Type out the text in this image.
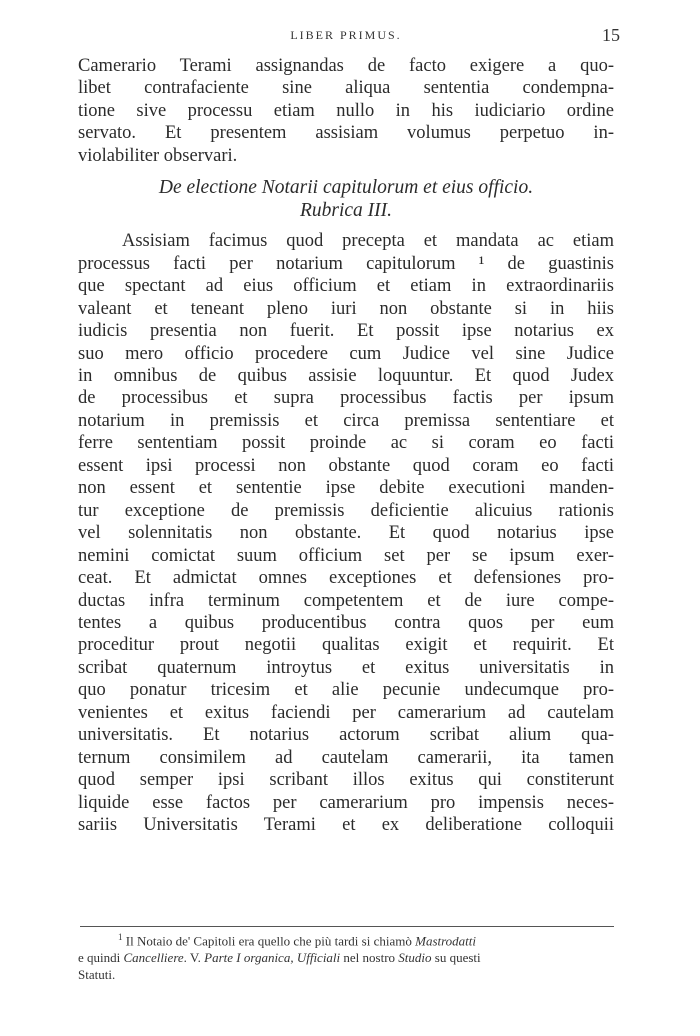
LIBER PRIMUS.	15
Camerario Terami assignandas de facto exigere a quo-
libet contrafaciente sine aliqua sententia condempna-
tione sive processu etiam nullo in his iudiciario ordine
servato. Et presentem assisiam volumus perpetuo in-
violabiliter observari.
De electione Notarii capitulorum et eius officio.
Rubrica III.
Assisiam facimus quod precepta et mandata ac etiam
processus facti per notarium capitulorum ¹ de guastinis
que spectant ad eius officium et etiam in extraordinariis
valeant et teneant pleno iuri non obstante si in hiis
iudicis presentia non fuerit. Et possit ipse notarius ex
suo mero officio procedere cum Judice vel sine Judice
in omnibus de quibus assisie loquuntur. Et quod Judex
de processibus et supra processibus factis per ipsum
notarium in premissis et circa premissa sententiare et
ferre sententiam possit proinde ac si coram eo facti
essent ipsi processi non obstante quod coram eo facti
non essent et sententie ipse debite executioni manden-
tur exceptione de premissis deficientie alicuius rationis
vel solennitatis non obstante. Et quod notarius ipse
nemini comictat suum officium set per se ipsum exer-
ceat. Et admictat omnes exceptiones et defensiones pro-
ductas infra terminum competentem et de iure compe-
tentes a quibus producentibus contra quos per eum
proceditur prout negotii qualitas exigit et requirit. Et
scribat quaternum introytus et exitus universitatis in
quo ponatur tricesim et alie pecunie undecumque pro-
venientes et exitus faciendi per camerarium ad cautelam
universitatis. Et notarius actorum scribat alium qua-
ternum consimilem ad cautelam camerarii, ita tamen
quod semper ipsi scribant illos exitus qui constiterunt
liquide esse factos per camerarium pro impensis neces-
sariis Universitatis Terami et ex deliberatione colloquii
$^1$ Il Notaio de' Capitoli era quello che più tardi si chiamò Mastrodatti
e quindi Cancelliere. V. Parte I organica, Ufficiali nel nostro Studio su questi
Statuti.
